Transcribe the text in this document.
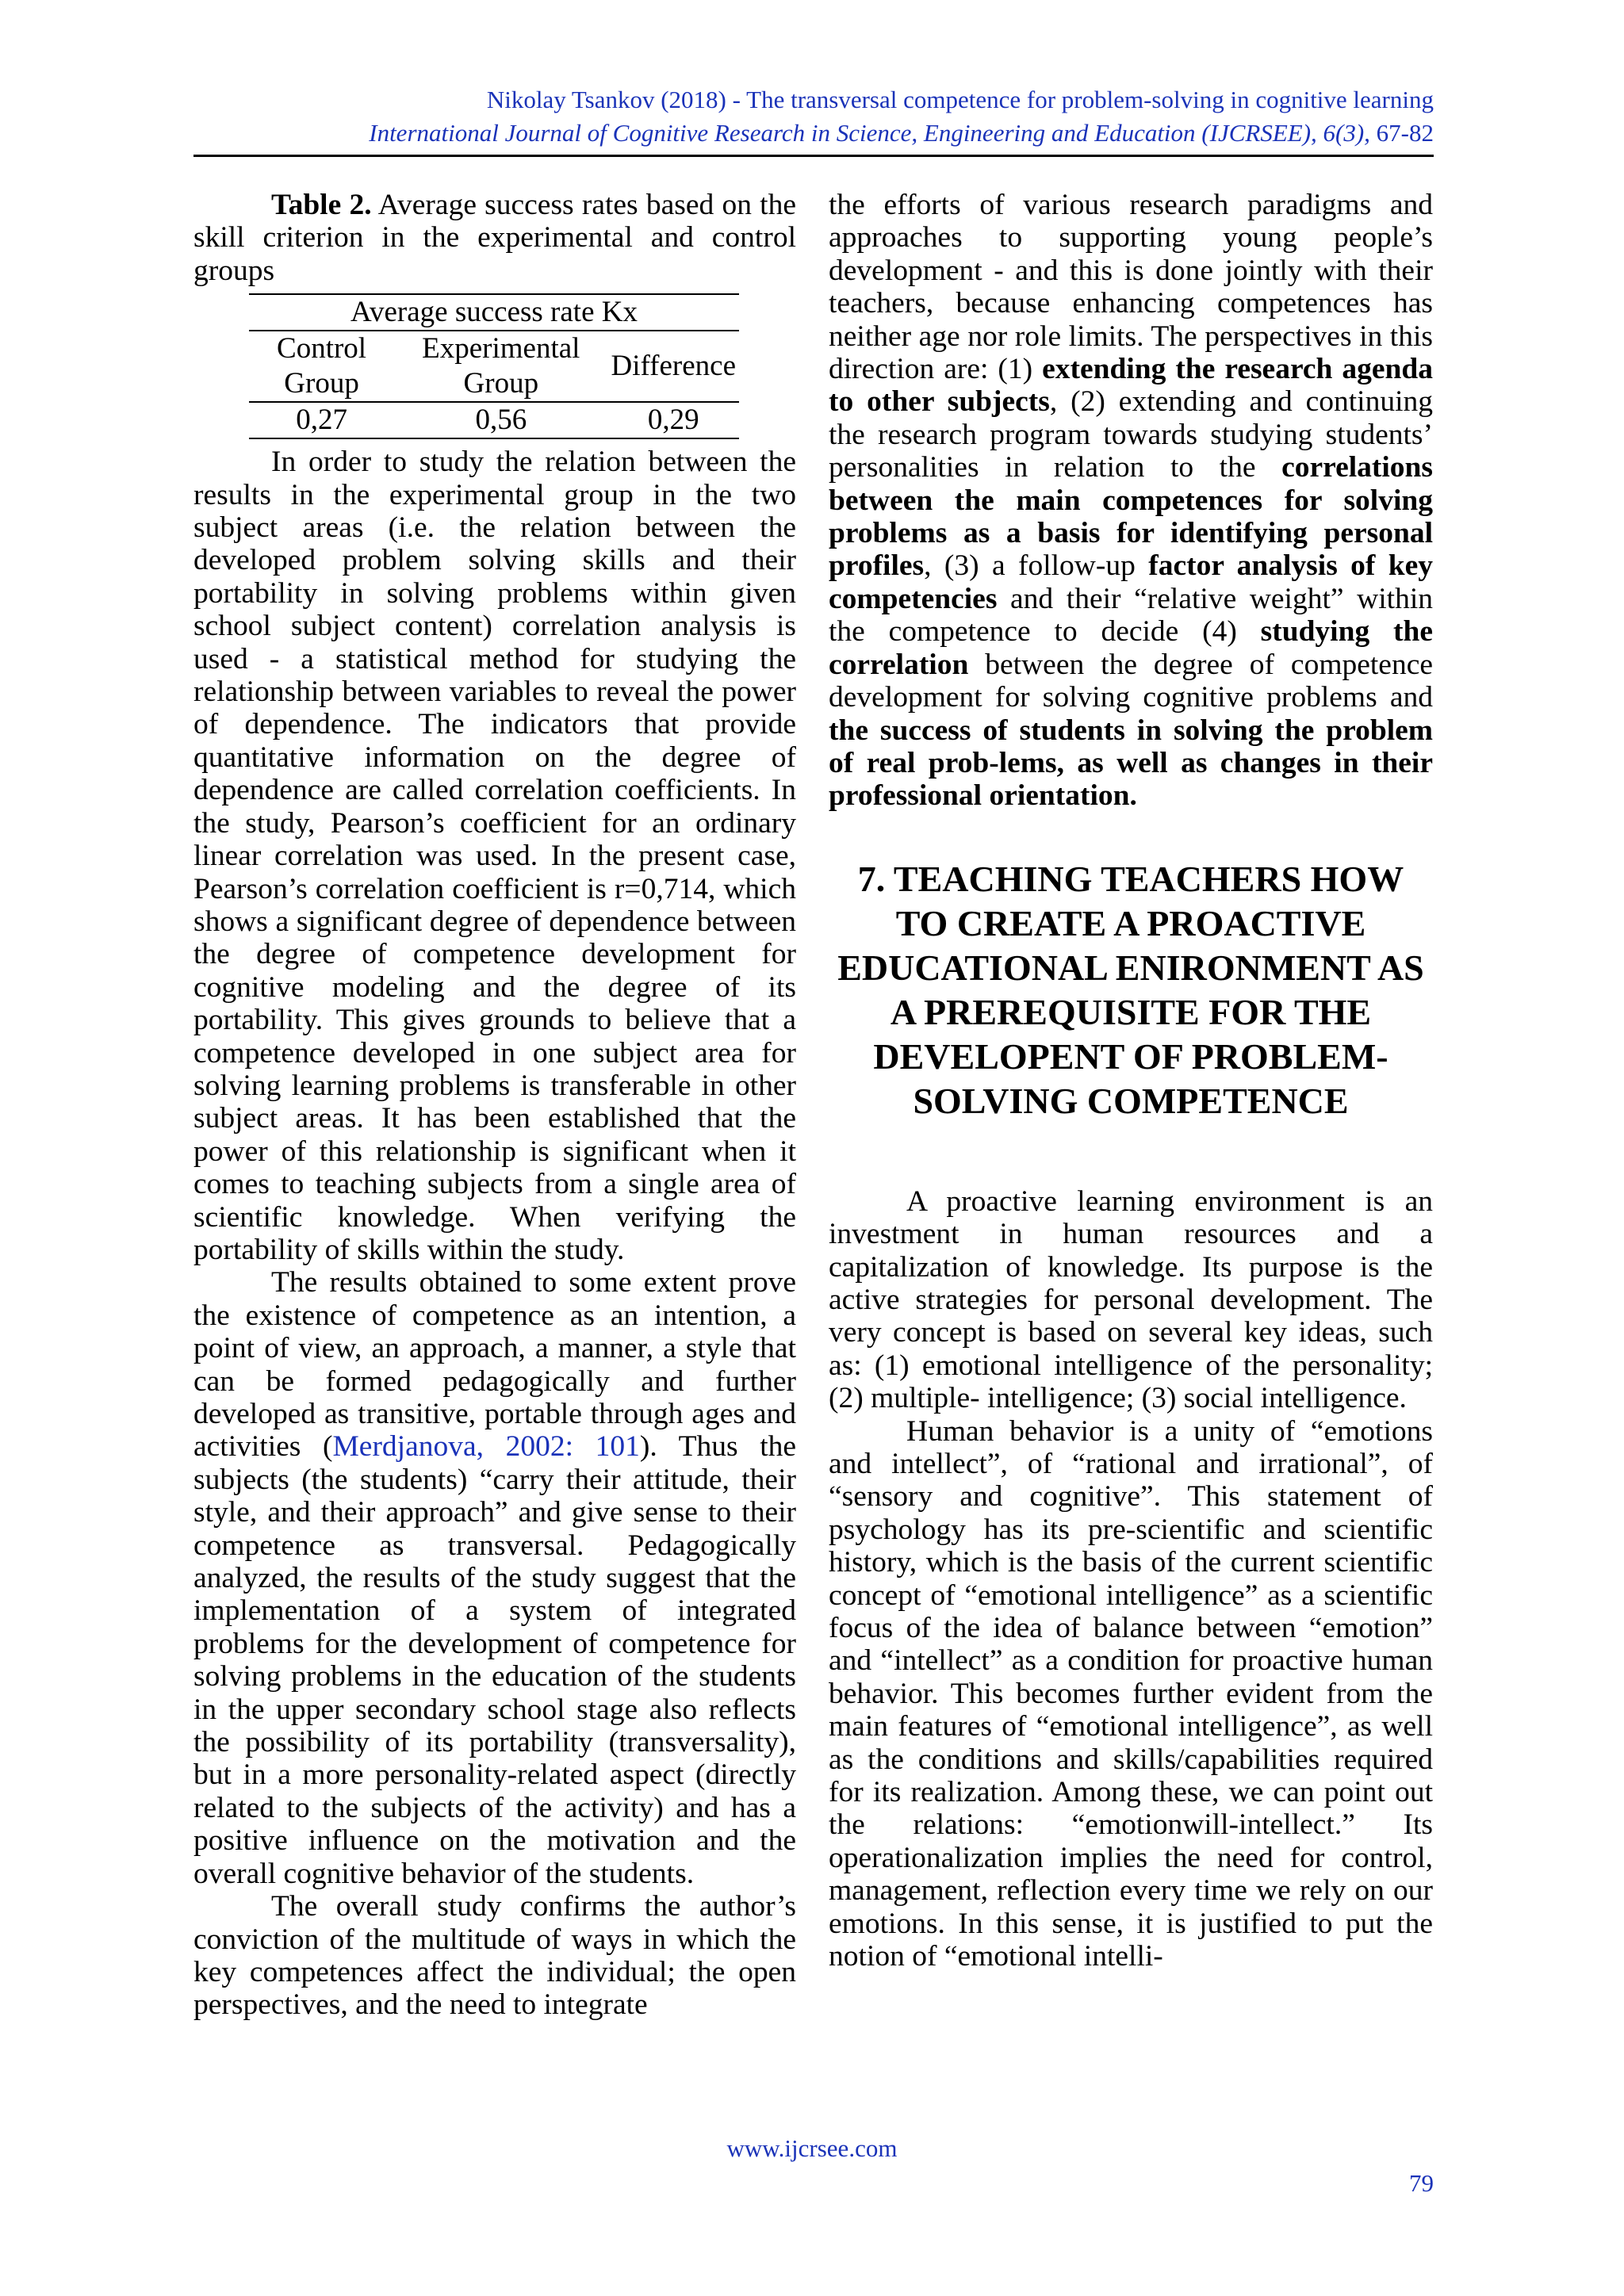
Nikolay Tsankov (2018) - The transversal competence for problem-solving in cognitive learning
International Journal of Cognitive Research in Science, Engineering and Education (IJCRSEE), 6(3), 67-82

Table 2. Average success rates based on the skill criterion in the experimental and control groups

Average success rate Kx		
Control Group	Experimental Group	Difference
0,27	0,56	0,29

In order to study the relation between the results in the experimental group in the two subject areas (i.e. the relation between the developed problem solving skills and their portability in solving problems within given school subject content) correlation analysis is used - a statistical method for studying the relationship between variables to reveal the power of dependence. The indicators that provide quantitative information on the degree of dependence are called correlation coefficients. In the study, Pearson’s coefficient for an ordinary linear correlation was used. In the present case, Pearson’s correlation coefficient is r=0,714, which shows a significant degree of dependence between the degree of competence development for cognitive modeling and the degree of its portability. This gives grounds to believe that a competence developed in one subject area for solving learning problems is transferable in other subject areas. It has been established that the power of this relationship is significant when it comes to teaching subjects from a single area of scientific knowledge. When verifying the portability of skills within the study.

The results obtained to some extent prove the existence of competence as an intention, a point of view, an approach, a manner, a style that can be formed pedagogically and further developed as transitive, portable through ages and activities (Merdjanova, 2002: 101). Thus the subjects (the students) “carry their attitude, their style, and their approach” and give sense to their competence as transversal. Pedagogically analyzed, the results of the study suggest that the implementation of a system of integrated problems for the development of competence for solving problems in the education of the students in the upper secondary school stage also reflects the possibility of its portability (transversality), but in a more personality-related aspect (directly related to the subjects of the activity) and has a positive influence on the motivation and the overall cognitive behavior of the students.

The overall study confirms the author’s conviction of the multitude of ways in which the key competences affect the individual; the open perspectives, and the need to integrate

the efforts of various research paradigms and approaches to supporting young people’s development - and this is done jointly with their teachers, because enhancing competences has neither age nor role limits. The perspectives in this direction are: (1) extending the research agenda to other subjects, (2) extending and continuing the research program towards studying students’ personalities in relation to the correlations between the main competences for solving problems as a basis for identifying personal profiles, (3) a follow-up factor analysis of key competencies and their “relative weight” within the competence to decide (4) studying the correlation between the degree of competence development for solving cognitive problems and the success of students in solving the problem of real prob-lems, as well as changes in their professional orientation.

7. TEACHING TEACHERS HOW TO CREATE A PROACTIVE EDUCATIONAL ENIRONMENT AS A PREREQUISITE FOR THE DEVELOPENT OF PROBLEM-SOLVING COMPETENCE

A proactive learning environment is an investment in human resources and a capitalization of knowledge. Its purpose is the active strategies for personal development. The very concept is based on several key ideas, such as: (1) emotional intelligence of the personality; (2) multiple- intelligence; (3) social intelligence.

Human behavior is a unity of “emotions and intellect”, of “rational and irrational”, of “sensory and cognitive”. This statement of psychology has its pre-scientific and scientific history, which is the basis of the current scientific concept of “emotional intelligence” as a scientific focus of the idea of balance between “emotion” and “intellect” as a condition for proactive human behavior. This becomes further evident from the main features of “emotional intelligence”, as well as the conditions and skills/capabilities required for its realization. Among these, we can point out the relations: “emotionwill-intellect.” Its operationalization implies the need for control, management, reflection every time we rely on our emotions. In this sense, it is justified to put the notion of “emotional intelli-

www.ijcrsee.com
79
